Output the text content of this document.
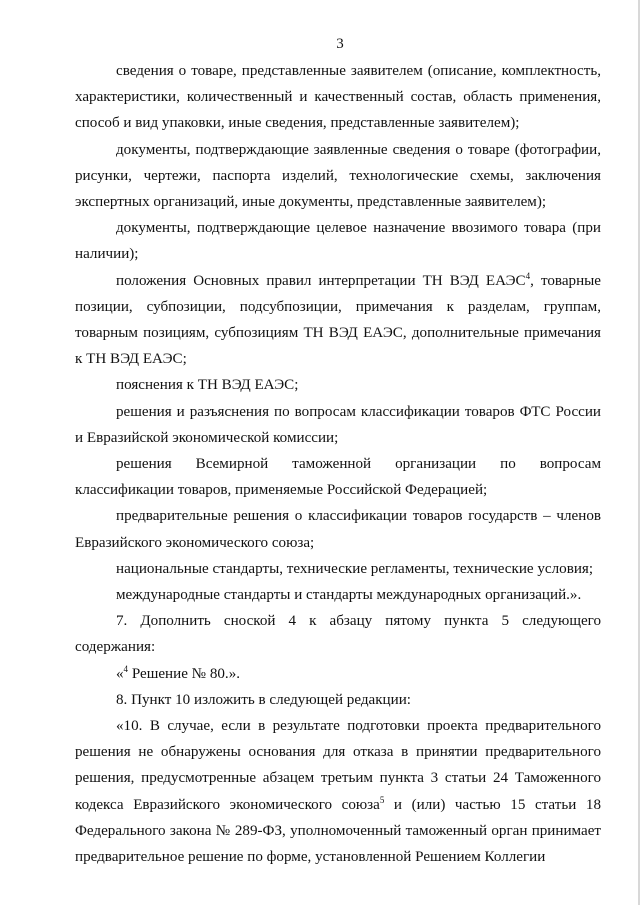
3

сведения о товаре, представленные заявителем (описание, комплектность, характеристики, количественный и качественный состав, область применения, способ и вид упаковки, иные сведения, представленные заявителем);

документы, подтверждающие заявленные сведения о товаре (фотографии, рисунки, чертежи, паспорта изделий, технологические схемы, заключения экспертных организаций, иные документы, представленные заявителем);

документы, подтверждающие целевое назначение ввозимого товара (при наличии);

положения Основных правил интерпретации ТН ВЭД ЕАЭС$^4$, товарные позиции, субпозиции, подсубпозиции, примечания к разделам, группам, товарным позициям, субпозициям ТН ВЭД ЕАЭС, дополнительные примечания к ТН ВЭД ЕАЭС;

пояснения к ТН ВЭД ЕАЭС;

решения и разъяснения по вопросам классификации товаров ФТС России и Евразийской экономической комиссии;

решения Всемирной таможенной организации по вопросам классификации товаров, применяемые Российской Федерацией;

предварительные решения о классификации товаров государств – членов Евразийского экономического союза;

национальные стандарты, технические регламенты, технические условия;

международные стандарты и стандарты международных организаций.».

7. Дополнить сноской 4 к абзацу пятому пункта 5 следующего содержания:

«$^4$ Решение № 80.».

8. Пункт 10 изложить в следующей редакции:

«10. В случае, если в результате подготовки проекта предварительного решения не обнаружены основания для отказа в принятии предварительного решения, предусмотренные абзацем третьим пункта 3 статьи 24 Таможенного кодекса Евразийского экономического союза$^5$ и (или) частью 15 статьи 18 Федерального закона № 289-ФЗ, уполномоченный таможенный орган принимает предварительное решение по форме, установленной Решением Коллегии
